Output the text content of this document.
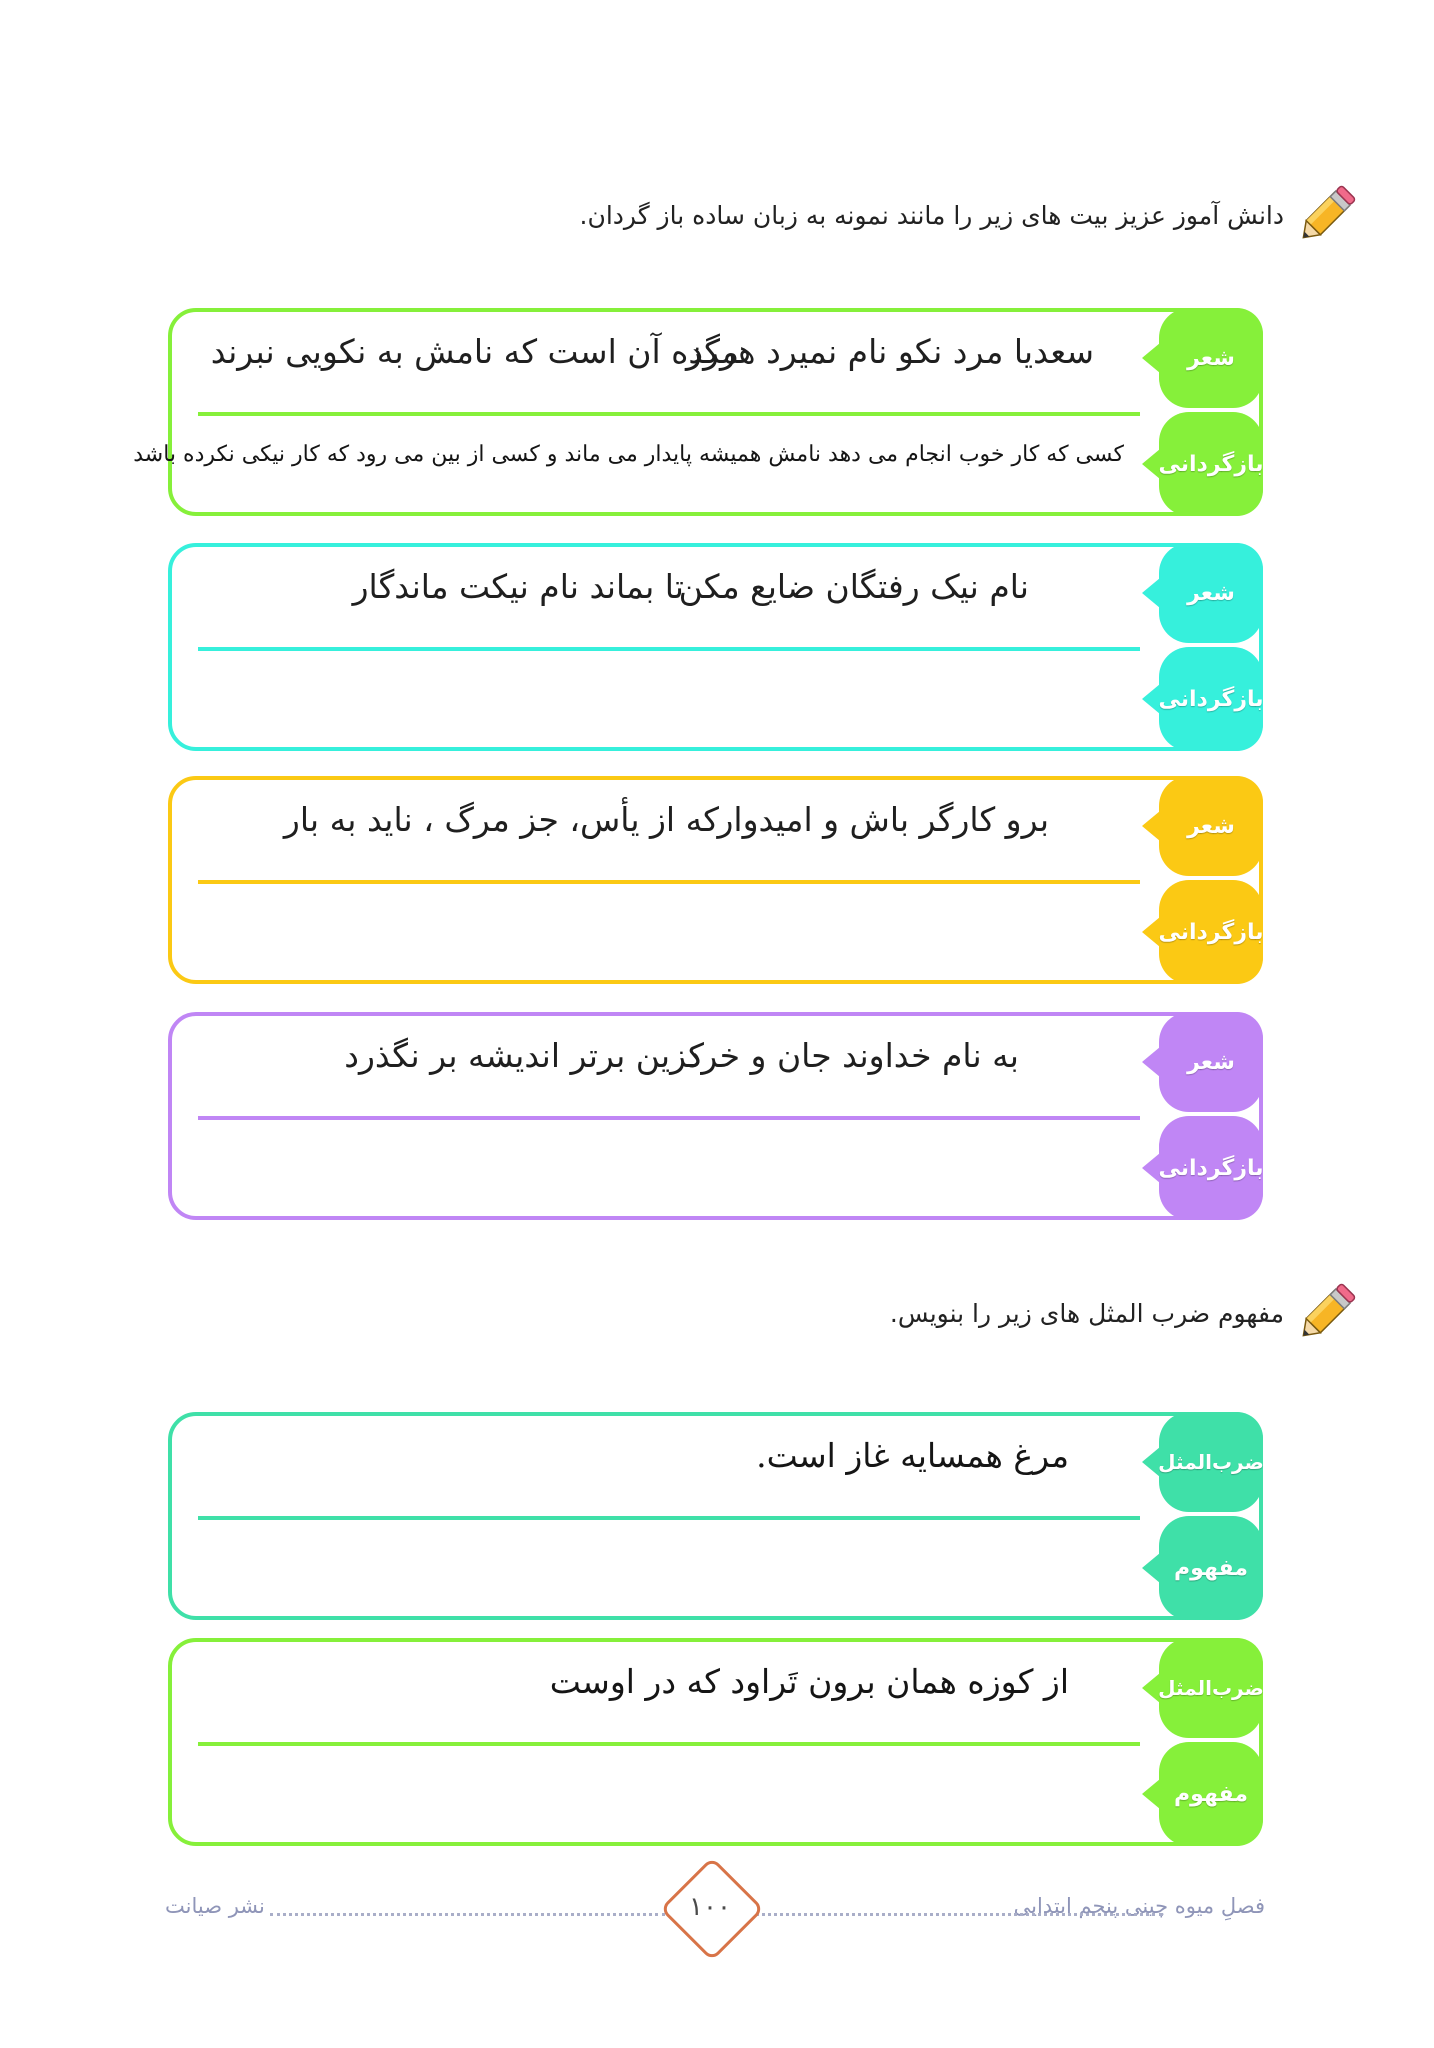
دانش آموز عزیز بیت های زیر را مانند نمونه به زبان ساده باز گردان.
شعر
بازگردانی
سعدیا مرد نکو نام نمیرد هرگز
مرده آن است که نامش به نکویی نبرند
کسی که کار خوب انجام می دهد نامش همیشه پایدار می ماند و کسی از بین می رود که کار نیکی نکرده باشد
شعر
بازگردانی
نام نیک رفتگان ضایع مکن
تا بماند نام نیکت ماندگار
شعر
بازگردانی
برو کارگر باش و امیدوار
که از یأس، جز مرگ ، ناید به بار
شعر
بازگردانی
به نام خداوند جان و خرد
کزین برتر اندیشه بر نگذرد
مفهوم ضرب المثل های زیر را بنویس.
ضرب‌المثل
مفهوم
مرغ همسایه غاز است.
ضرب‌المثل
مفهوم
از کوزه همان برون تَراود که در اوست
فصلِ میوه چینی پنجم ابتدایی
۱۰۰
نشر صیانت
